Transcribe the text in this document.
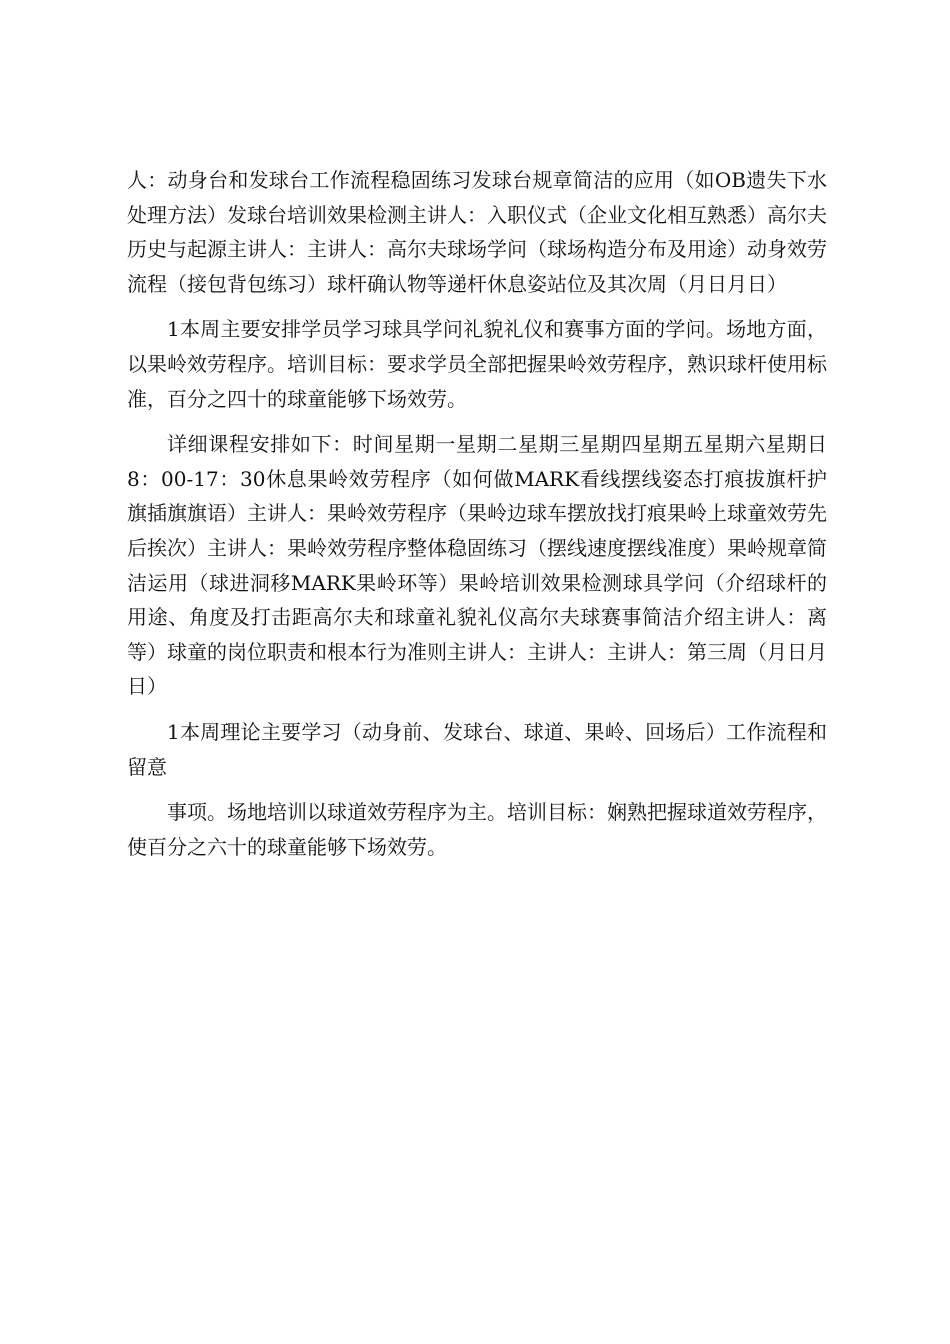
人：动身台和发球台工作流程稳固练习发球台规章简洁的应用（如OB遗失下水处理方法）发球台培训效果检测主讲人：入职仪式（企业文化相互熟悉）高尔夫历史与起源主讲人：主讲人：高尔夫球场学问（球场构造分布及用途）动身效劳流程（接包背包练习）球杆确认物等递杆休息姿站位及其次周（月日月日）

1本周主要安排学员学习球具学问礼貌礼仪和赛事方面的学问。场地方面，以果岭效劳程序。培训目标：要求学员全部把握果岭效劳程序，熟识球杆使用标准，百分之四十的球童能够下场效劳。

详细课程安排如下：时间星期一星期二星期三星期四星期五星期六星期日8：00-17：30休息果岭效劳程序（如何做MARK看线摆线姿态打痕拔旗杆护旗插旗旗语）主讲人：果岭效劳程序（果岭边球车摆放找打痕果岭上球童效劳先后挨次）主讲人：果岭效劳程序整体稳固练习（摆线速度摆线准度）果岭规章简洁运用（球进洞移MARK果岭环等）果岭培训效果检测球具学问（介绍球杆的用途、角度及打击距高尔夫和球童礼貌礼仪高尔夫球赛事简洁介绍主讲人：离等）球童的岗位职责和根本行为准则主讲人：主讲人：主讲人：第三周（月日月日）

1本周理论主要学习（动身前、发球台、球道、果岭、回场后）工作流程和留意

事项。场地培训以球道效劳程序为主。培训目标：娴熟把握球道效劳程序，使百分之六十的球童能够下场效劳。
